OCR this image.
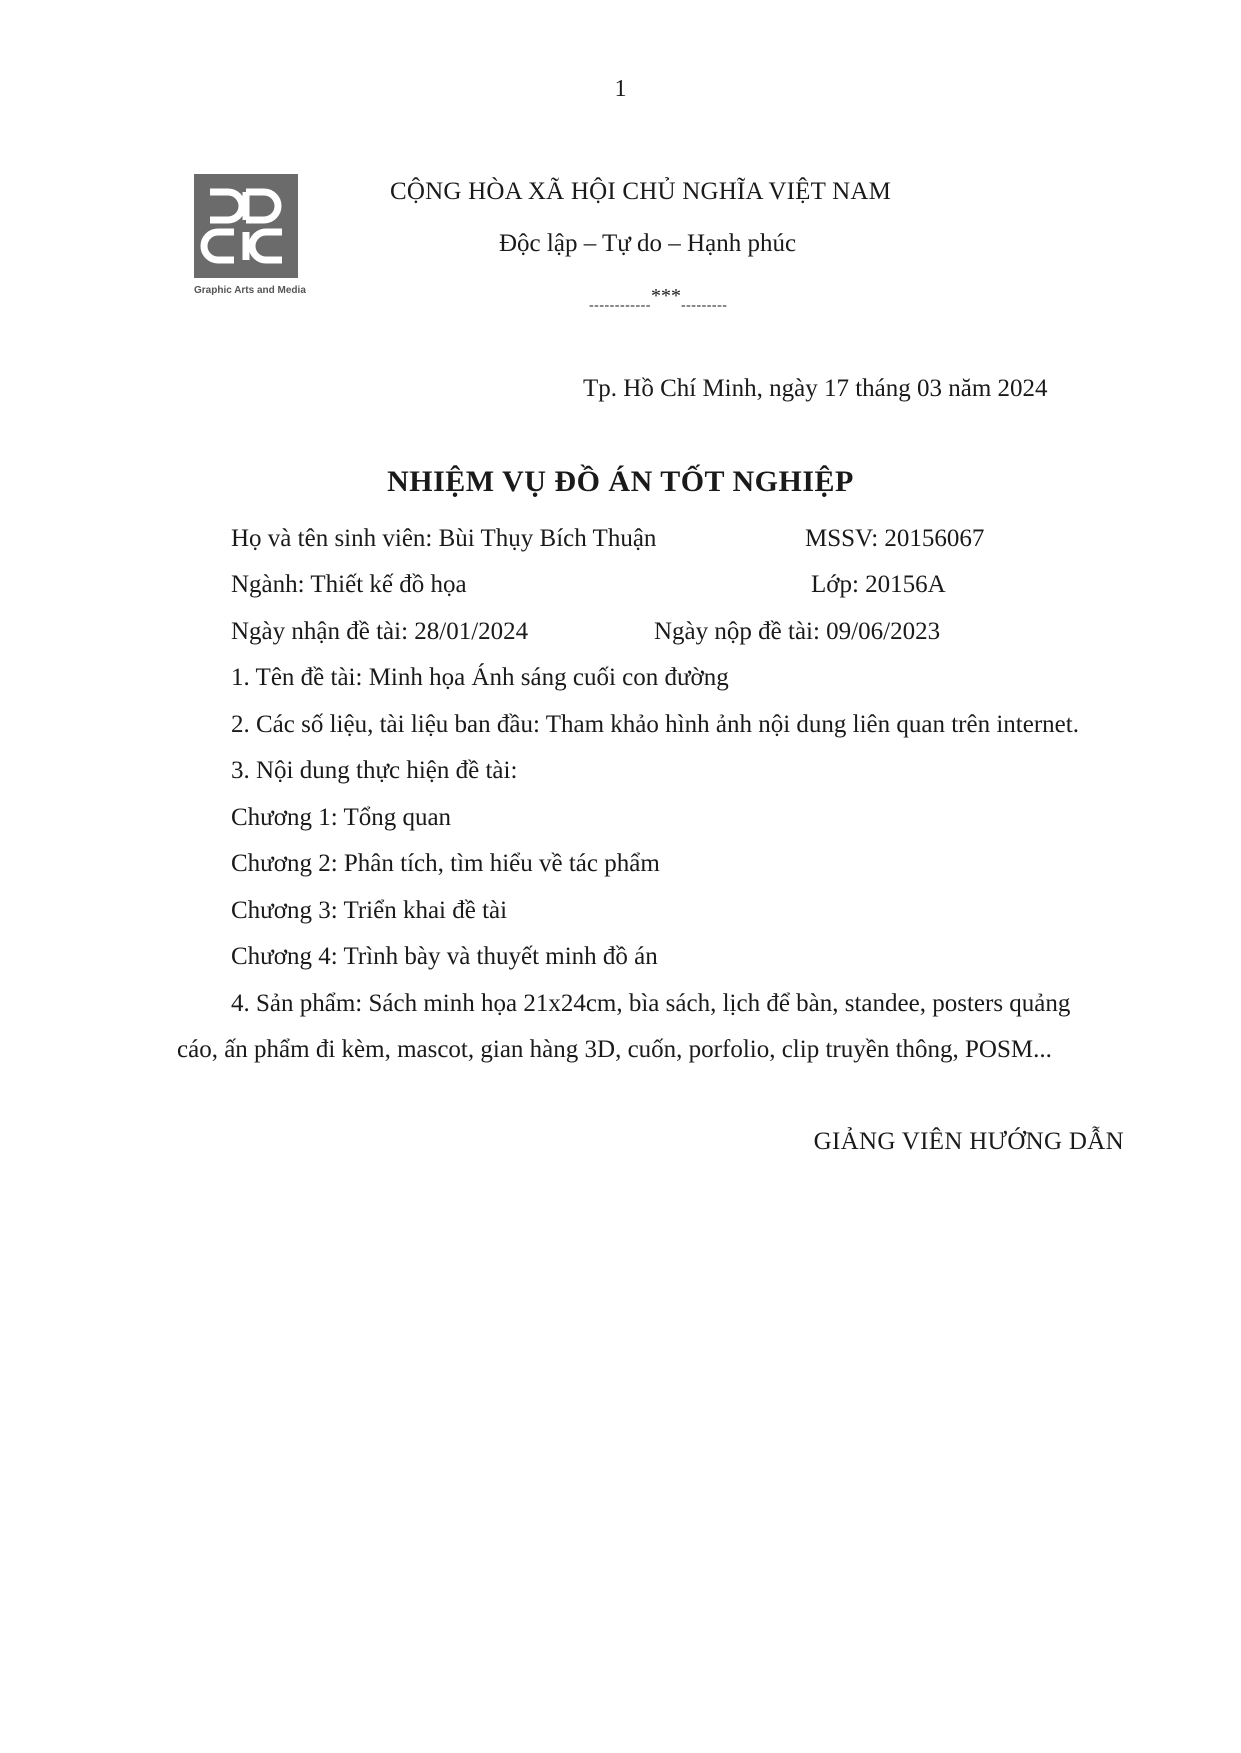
1
Graphic Arts and Media
CỘNG HÒA XÃ HỘI CHỦ NGHĨA VIỆT NAM
Độc lập – Tự do – Hạnh phúc
------------***---------
Tp. Hồ Chí Minh, ngày 17 tháng 03 năm 2024
NHIỆM VỤ ĐỒ ÁN TỐT NGHIỆP
Họ và tên sinh viên: Bùi Thụy Bích Thuận	MSSV: 20156067
Ngành: Thiết kế đồ họa	Lớp: 20156A
Ngày nhận đề tài: 28/01/2024	Ngày nộp đề tài: 09/06/2023
1. Tên đề tài: Minh họa Ánh sáng cuối con đường
2. Các số liệu, tài liệu ban đầu: Tham khảo hình ảnh nội dung liên quan trên internet.
3. Nội dung thực hiện đề tài:
Chương 1: Tổng quan
Chương 2: Phân tích, tìm hiểu về tác phẩm
Chương 3: Triển khai đề tài
Chương 4: Trình bày và thuyết minh đồ án
4. Sản phẩm: Sách minh họa 21x24cm, bìa sách, lịch để bàn, standee, posters quảng
cáo, ấn phẩm đi kèm, mascot, gian hàng 3D, cuốn, porfolio, clip truyền thông, POSM...
GIẢNG VIÊN HƯỚNG DẪN
